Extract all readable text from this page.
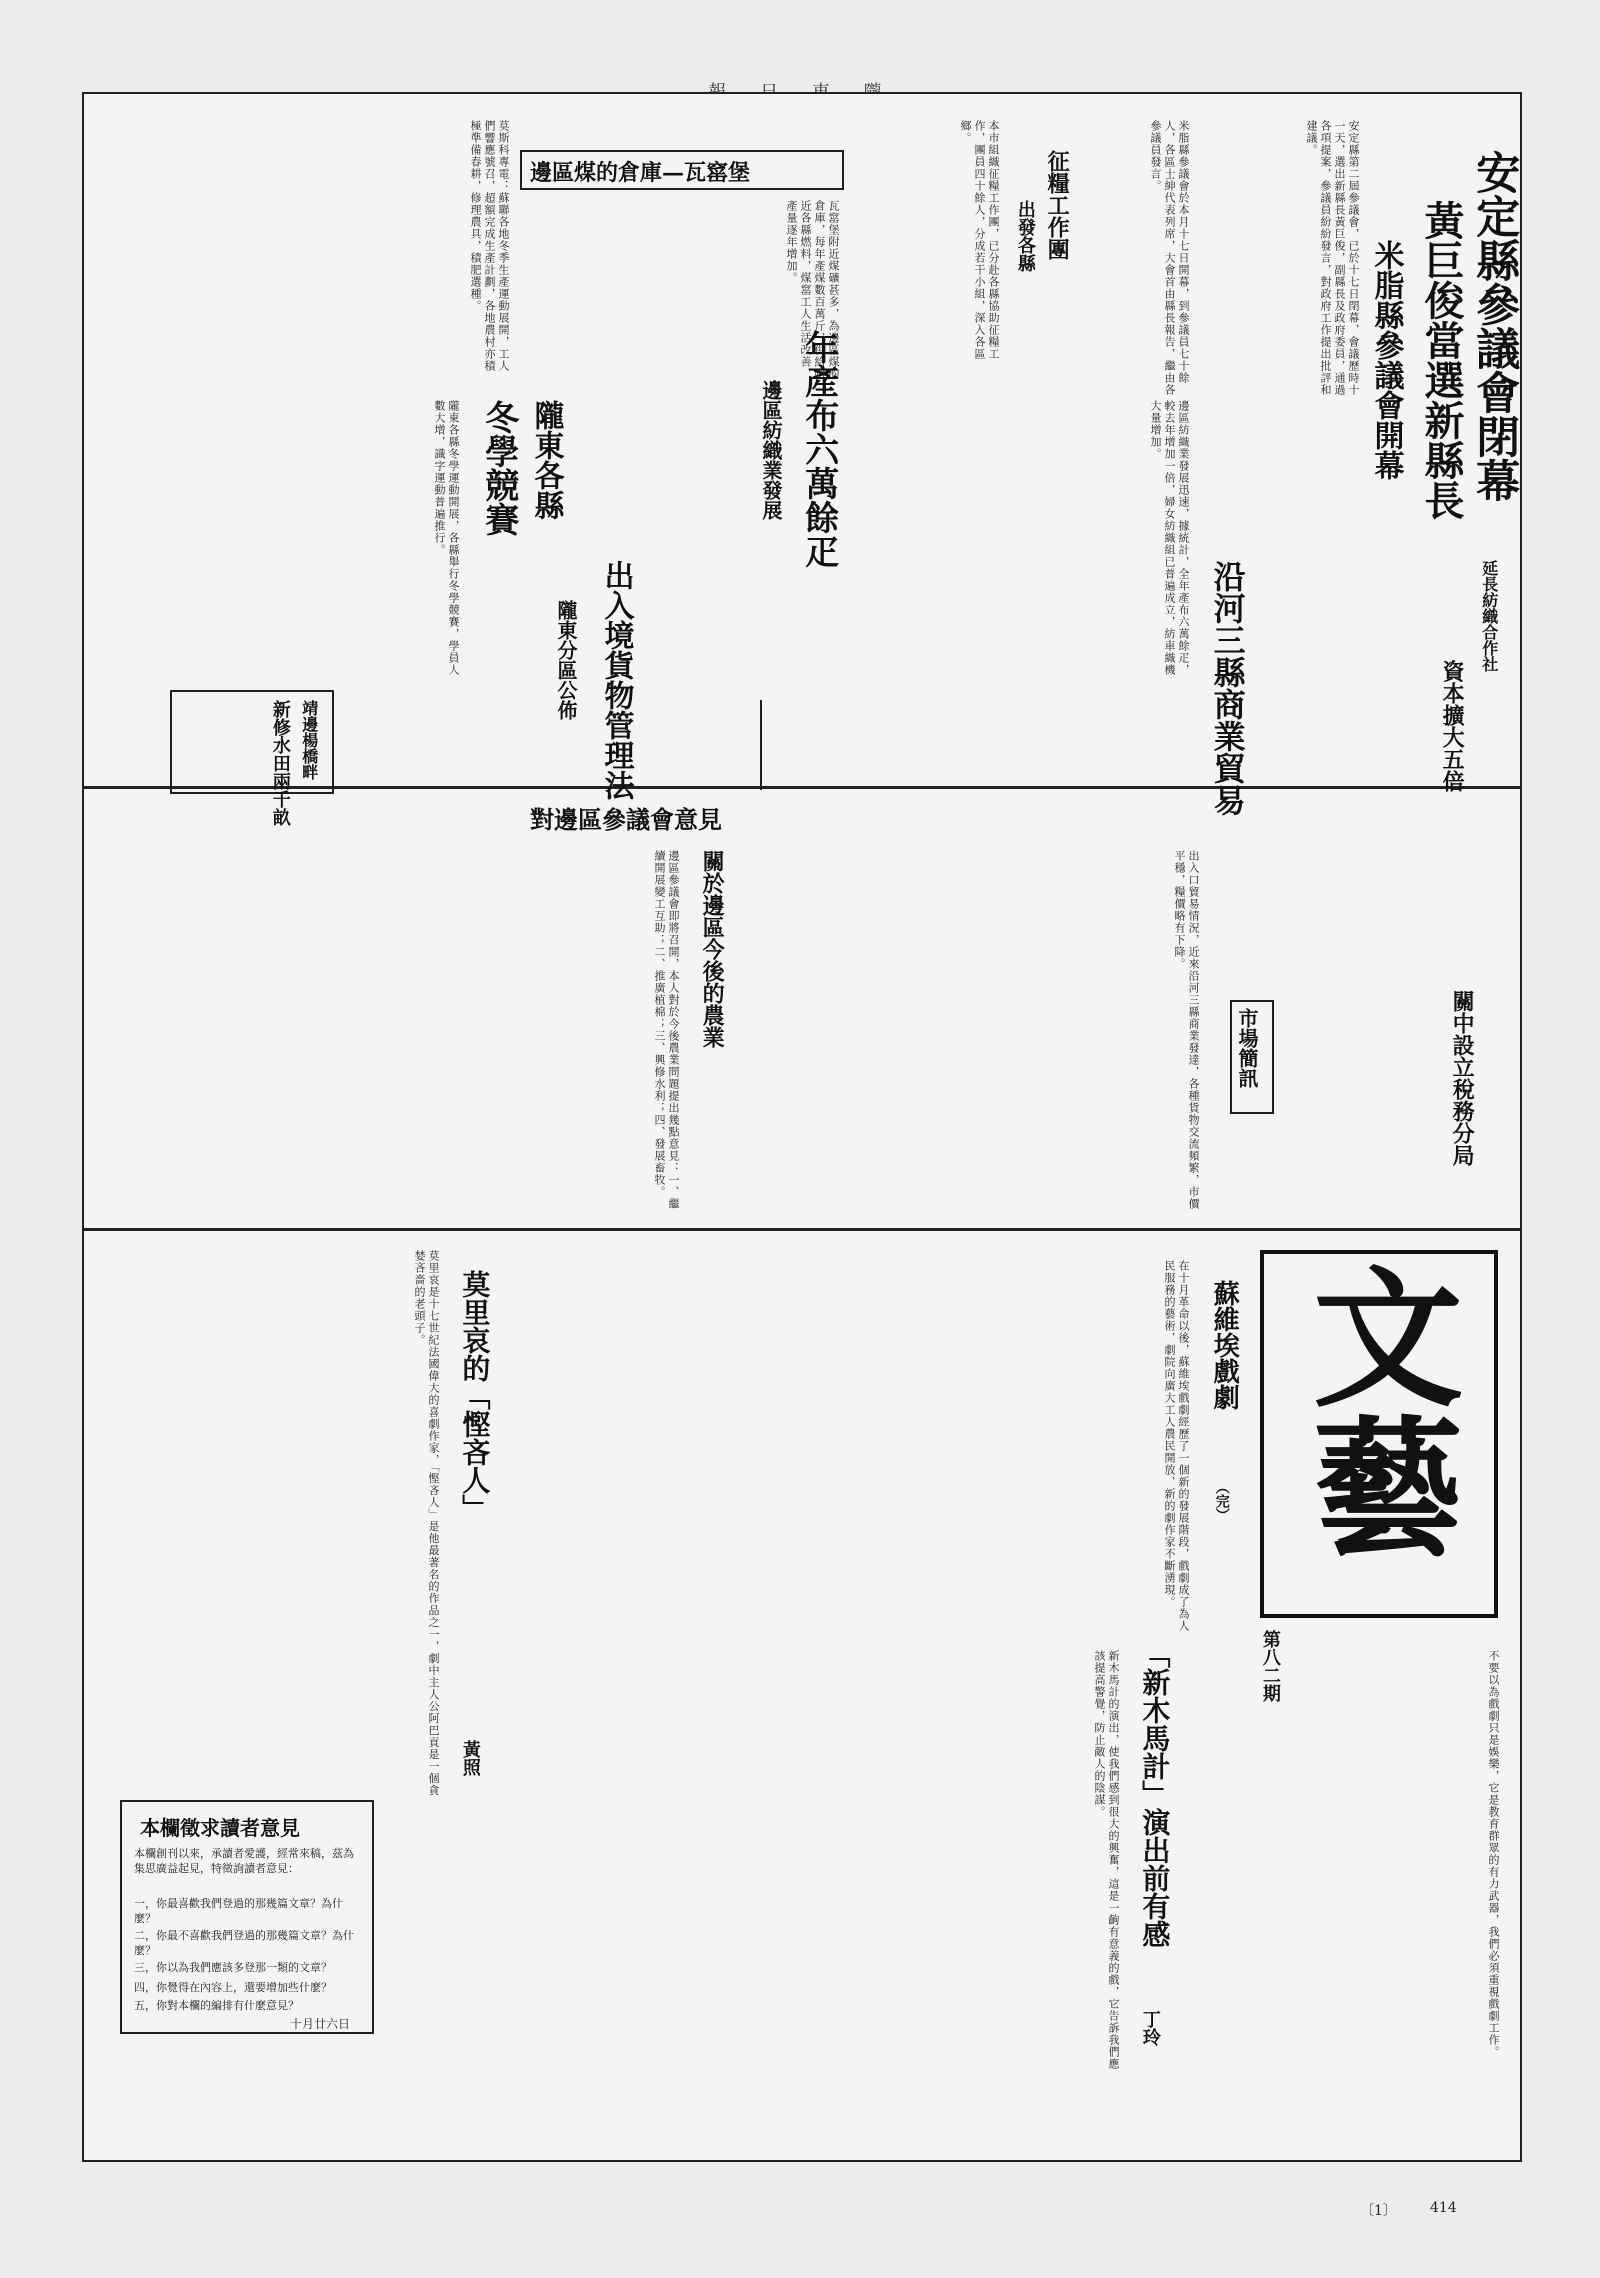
安定縣參議會閉幕
黃巨俊當選新縣長
米脂縣參議會開幕
安定縣第二屆參議會，已於十七日閉幕，會議歷時十一天，選出新縣長黃巨俊，副縣長及政府委員，通過各項提案，參議員紛紛發言，對政府工作提出批評和建議。
米脂縣參議會於本月十七日開幕，到參議員七十餘人，各區士紳代表列席，大會首由縣長報告，繼由各參議員發言。
征糧工作團
出發各縣
本市組織征糧工作團，已分赴各縣協助征糧工作，團員四十餘人，分成若干小組，深入各區鄉。
邊區煤的倉庫—瓦窰堡
瓦窰堡附近煤礦甚多，為邊區煤的倉庫，每年產煤數百萬斤，供給附近各縣燃料，煤窰工人生活改善，產量逐年增加。
莫斯科專電：蘇聯各地冬季生產運動展開，工人們響應號召，超額完成生產計劃，各地農村亦積極準備春耕，修理農具，積肥選種。
年產布六萬餘疋
邊區紡織業發展	邊區紡織業發展迅速，據統計，全年產布六萬餘疋，較去年增加一倍，婦女紡織組已普遍成立，紡車織機大量增加。
隴東各縣
冬學競賽
隴東各縣冬學運動開展，各縣舉行冬學競賽，學員人數大增，識字運動普遍推行。
出入境貨物管理法
隴東分區公佈	沿河三縣商業貿易	資本擴大五倍
延長紡織合作社
靖邊楊橋畔
新修水田兩千畝	對邊區參議會意見
關於邊區今後的農業
邊區參議會即將召開，本人對於今後農業問題提出幾點意見：一、繼續開展變工互助；二、推廣植棉；三、興修水利；四、發展畜牧。	關中設立稅務分局
市場簡訊
出入口貿易情況，近來沿河三縣商業發達，各種貨物交流頻繁，市價平穩，糧價略有下降。
文藝
第八二期
蘇維埃戲劇
（完）
在十月革命以後，蘇維埃戲劇經歷了一個新的發展階段，戲劇成了為人民服務的藝術，劇院向廣大工人農民開放，新的劇作家不斷湧現。
莫里哀的「慳吝人」
黃照
莫里哀是十七世紀法國偉大的喜劇作家，「慳吝人」是他最著名的作品之一，劇中主人公阿巴貢是一個貪婪吝嗇的老頭子。
「新木馬計」演出前有感
丁玲
新木馬計的演出，使我們感到很大的興奮，這是一齣有意義的戲，它告訴我們應該提高警覺，防止敵人的陰謀。	不要以為戲劇只是娛樂，它是教育群眾的有力武器，我們必須重視戲劇工作。
本欄徵求讀者意見
本欄創刊以來，承讀者愛護，經常來稿，茲為集思廣益起見，特徵詢讀者意見：
一，你最喜歡我們登過的那幾篇文章？為什麼？
二，你最不喜歡我們登過的那幾篇文章？為什麼？
三，你以為我們應該多登那一類的文章？
四，你覺得在內容上，還要增加些什麼？
五，你對本欄的編排有什麼意見？
十月廿六日
〔1〕 414
